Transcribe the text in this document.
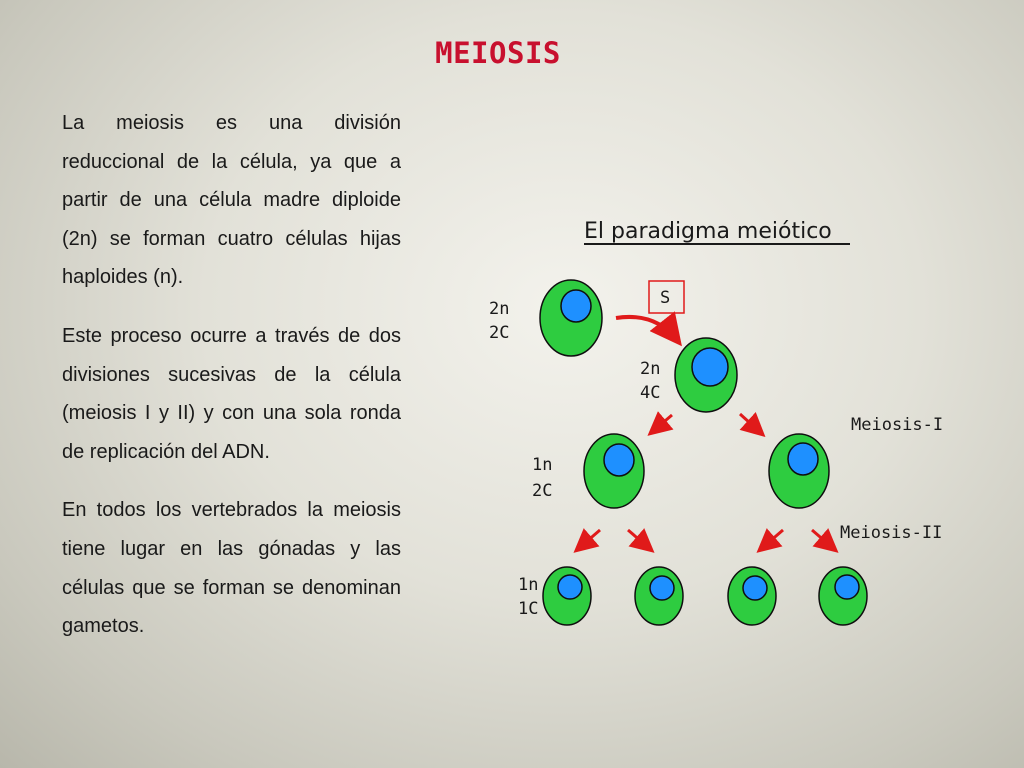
MEIOSIS

La meiosis es una división reduccional de la célula, ya que a partir de una célula madre diploide (2n) se forman cuatro células hijas haploides (n).

Este proceso ocurre a través de dos divisiones sucesivas de la célula (meiosis I y II) y con una sola ronda de replicación del ADN.

En todos los vertebrados la meiosis tiene lugar en las gónadas y las células que se forman se denominan gametos.

El paradigma meiótico
2n
2C
S
2n
4C
Meiosis-I
1n
2C
Meiosis-II
1n
1C
